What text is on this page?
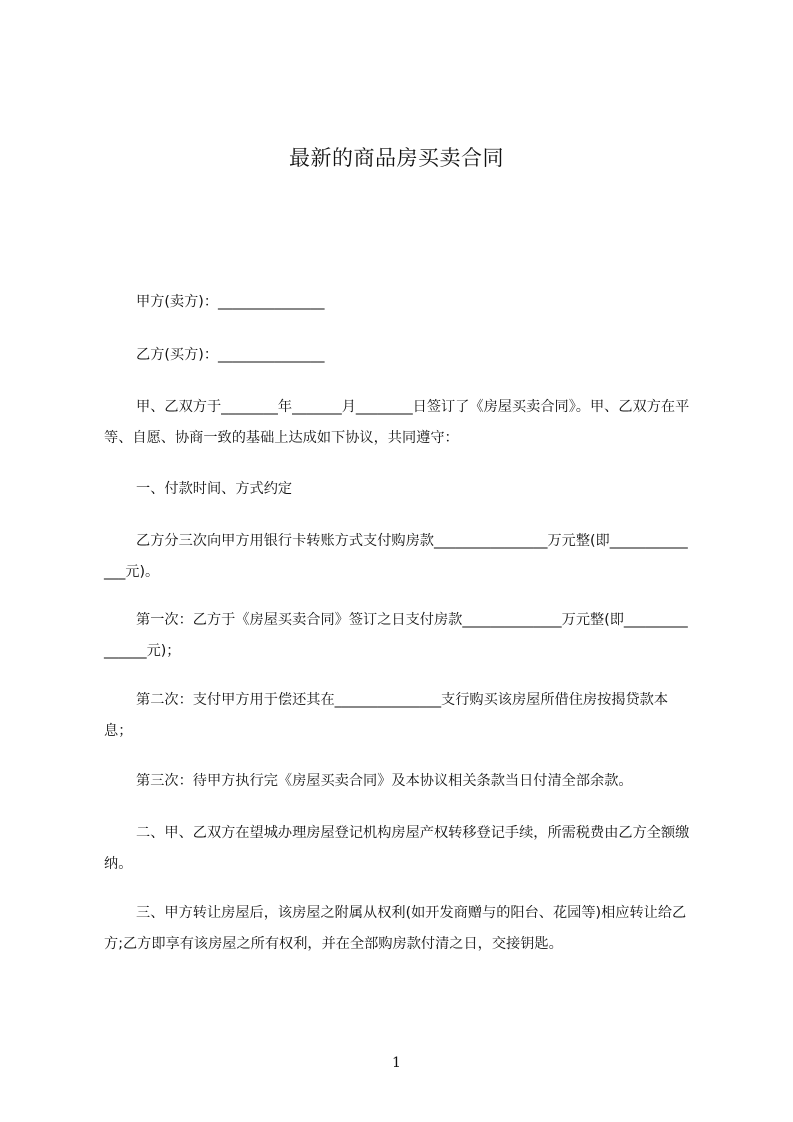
最新的商品房买卖合同
甲方(卖方)：_______________
乙方(买方)：_______________
甲、乙双方于________年_______月________日签订了《房屋买卖合同》。甲、乙双方在平等、自愿、协商一致的基础上达成如下协议，共同遵守：
一、付款时间、方式约定
乙方分三次向甲方用银行卡转账方式支付购房款________________万元整(即______________元)。
第一次：乙方于《房屋买卖合同》签订之日支付房款______________万元整(即_______________元)；
第二次：支付甲方用于偿还其在_______________支行购买该房屋所借住房按揭贷款本息；
第三次：待甲方执行完《房屋买卖合同》及本协议相关条款当日付清全部余款。
二、甲、乙双方在望城办理房屋登记机构房屋产权转移登记手续，所需税费由乙方全额缴纳。
三、甲方转让房屋后，该房屋之附属从权利(如开发商赠与的阳台、花园等)相应转让给乙方;乙方即享有该房屋之所有权利，并在全部购房款付清之日，交接钥匙。
1
